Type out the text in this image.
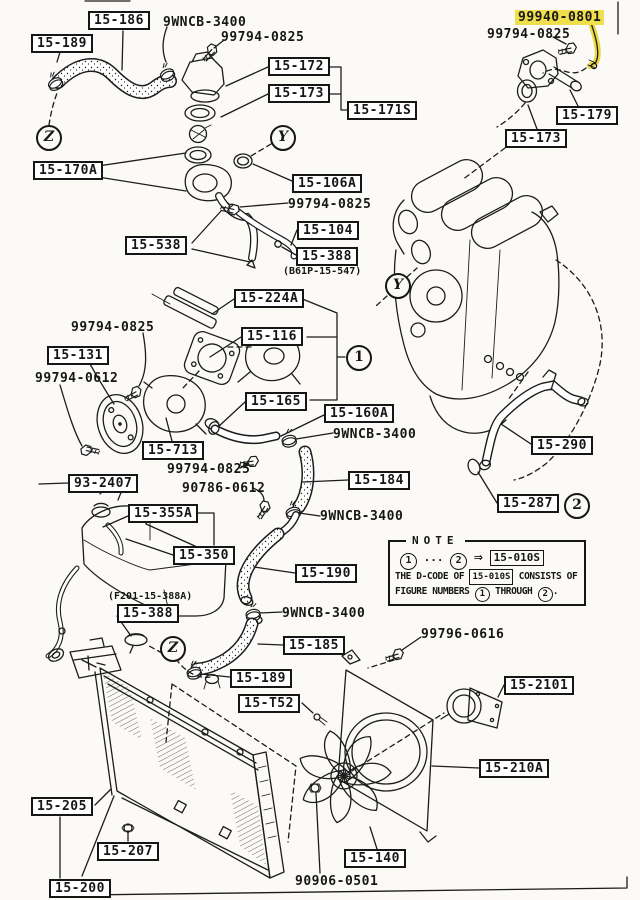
15-186	9WNCB-3400
99794-0825
15-189
99940-0801
99794-0825
15-172
15-173
15-171S	15-179
15-173
15-170A
15-106A
99794-0825
15-104
15-388
(B61P-15-547)
15-538
15-224A
15-116
99794-0825
15-131
99794-0612
15-165
15-160A
9WNCB-3400
15-713
99794-0825
90786-0612
15-184
93-2407
15-355A	9WNCB-3400
15-350
15-190
15-290
15-287
(F201-15-388A)
15-388	9WNCB-3400
15-185
15-189
15-T52
99796-0616
15-2101
15-210A
15-205
15-207
15-200
15-140
90906-0501
Z	Y
Y
1
2
Z
NOTE
1 ... 2 ⇒ 15-010S
THE D-CODE OF 15-010S CONSISTS OF
FIGURE NUMBERS 1 THROUGH 2 .
